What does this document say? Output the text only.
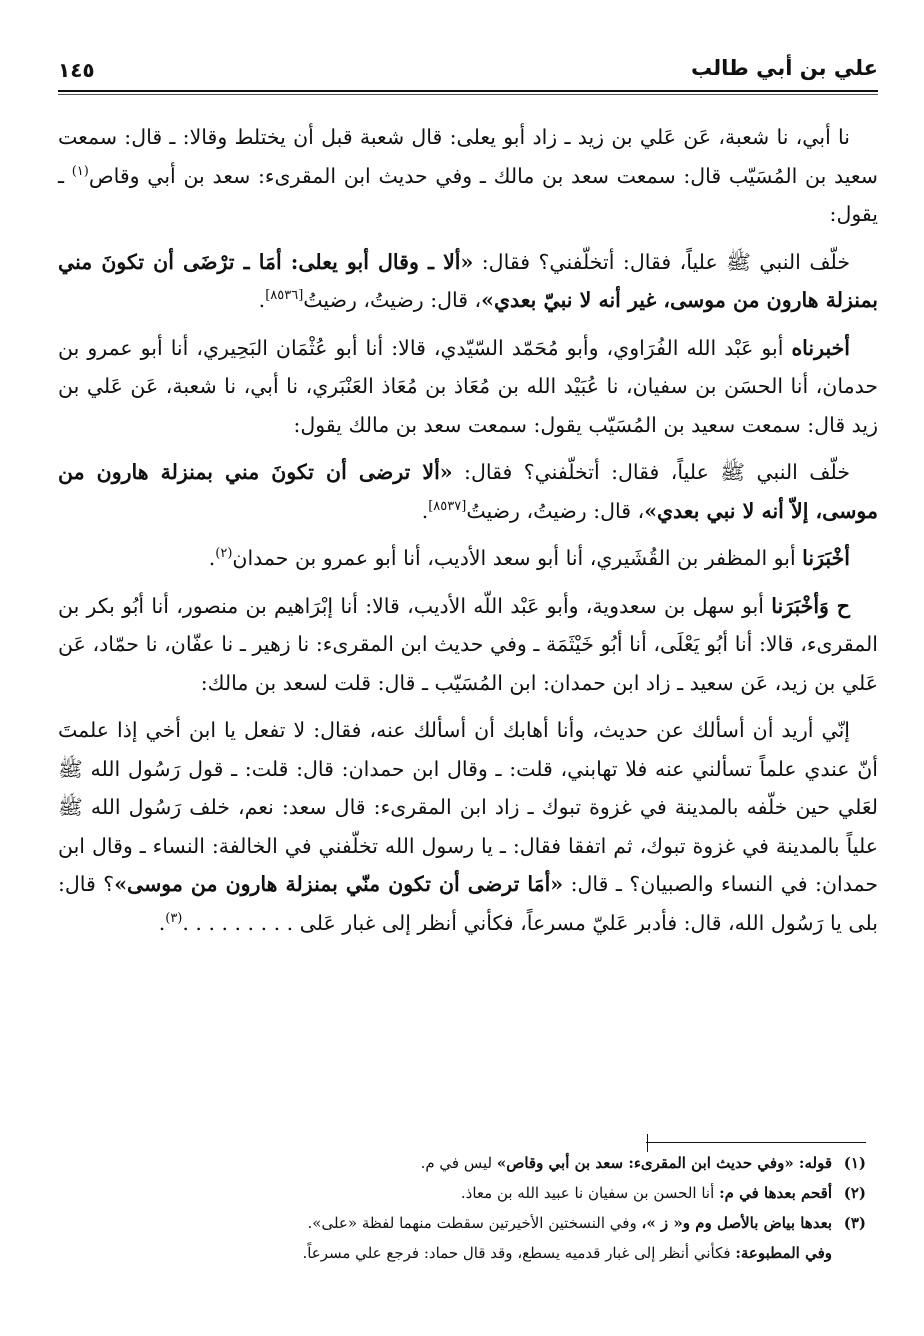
علي بن أبي طالب
١٤٥

نا أبي، نا شعبة، عَن عَلي بن زيد ـ زاد أبو يعلى: قال شعبة قبل أن يختلط وقالا: ـ قال: سمعت سعيد بن المُسَيّب قال: سمعت سعد بن مالك ـ وفي حديث ابن المقرىء: سعد بن أبي وقاص$^{(١)}$ ـ يقول:

خلّف النبي ﷺ علياً، فقال: أتخلّفني؟ فقال: «ألا ـ وقال أبو يعلى: أمَا ـ ترْضَى أن تكونَ مني بمنزلة هارون من موسى، غير أنه لا نبيّ بعدي»، قال: رضيتُ، رضيتُ[٨٥٣٦].

أخبرناه أبو عَبْد الله الفُرَاوي، وأبو مُحَمّد السّيّدي، قالا: أنا أبو عُثْمَان البَحِيري، أنا أبو عمرو بن حدمان، أنا الحسَن بن سفيان، نا عُبَيْد الله بن مُعَاذ بن مُعَاذ العَنْبَري، نا أبي، نا شعبة، عَن عَلي بن زيد قال: سمعت سعيد بن المُسَيّب يقول: سمعت سعد بن مالك يقول:

خلّف النبي ﷺ علياً، فقال: أتخلّفني؟ فقال: «ألا ترضى أن تكونَ مني بمنزلة هارون من موسى، إلاّ أنه لا نبي بعدي»، قال: رضيتُ، رضيتُ[٨٥٣٧].

أخْبَرَنا أبو المظفر بن القُشَيري، أنا أبو سعد الأديب، أنا أبو عمرو بن حمدان$^{(٢)}$.

ح وَأخْبَرَنا أبو سهل بن سعدوية، وأبو عَبْد اللّه الأديب، قالا: أنا إبْرَاهيم بن منصور، أنا أبُو بكر بن المقرىء، قالا: أنا أبُو يَعْلَى، أنا أبُو خَيْثَمَة ـ وفي حديث ابن المقرىء: نا زهير ـ نا عفّان، نا حمّاد، عَن عَلي بن زيد، عَن سعيد ـ زاد ابن حمدان: ابن المُسَيّب ـ قال: قلت لسعد بن مالك:

إنّي أريد أن أسألك عن حديث، وأنا أهابك أن أسألك عنه، فقال: لا تفعل يا ابن أخي إذا علمتَ أنّ عندي علماً تسألني عنه فلا تهابني، قلت: ـ وقال ابن حمدان: قال: قلت: ـ قول رَسُول الله ﷺ لعَلي حين خلّفه بالمدينة في غزوة تبوك ـ زاد ابن المقرىء: قال سعد: نعم، خلف رَسُول الله ﷺ علياً بالمدينة في غزوة تبوك، ثم اتفقا فقال: ـ يا رسول الله تخلّفني في الخالفة: النساء ـ وقال ابن حمدان: في النساء والصبيان؟ ـ قال: «أمَا ترضى أن تكون منّي بمنزلة هارون من موسى»؟ قال: بلى يا رَسُول الله، قال: فأدبر عَليّ مسرعاً، فكأني أنظر إلى غبار عَلى . . . . . . . . .$^{(٣)}$.

(١)قوله: «وفي حديث ابن المقرىء: سعد بن أبي وقاص» ليس في م.
(٢)أقحم بعدها في م: أنا الحسن بن سفيان نا عبيد الله بن معاذ.
(٣)بعدها بياض بالأصل وم و« ز »، وفي النسختين الأخيرتين سقطت منهما لفظة «على».
وفي المطبوعة: فكأني أنظر إلى غبار قدميه يسطع، وقد قال حماد: فرجع علي مسرعاً.
